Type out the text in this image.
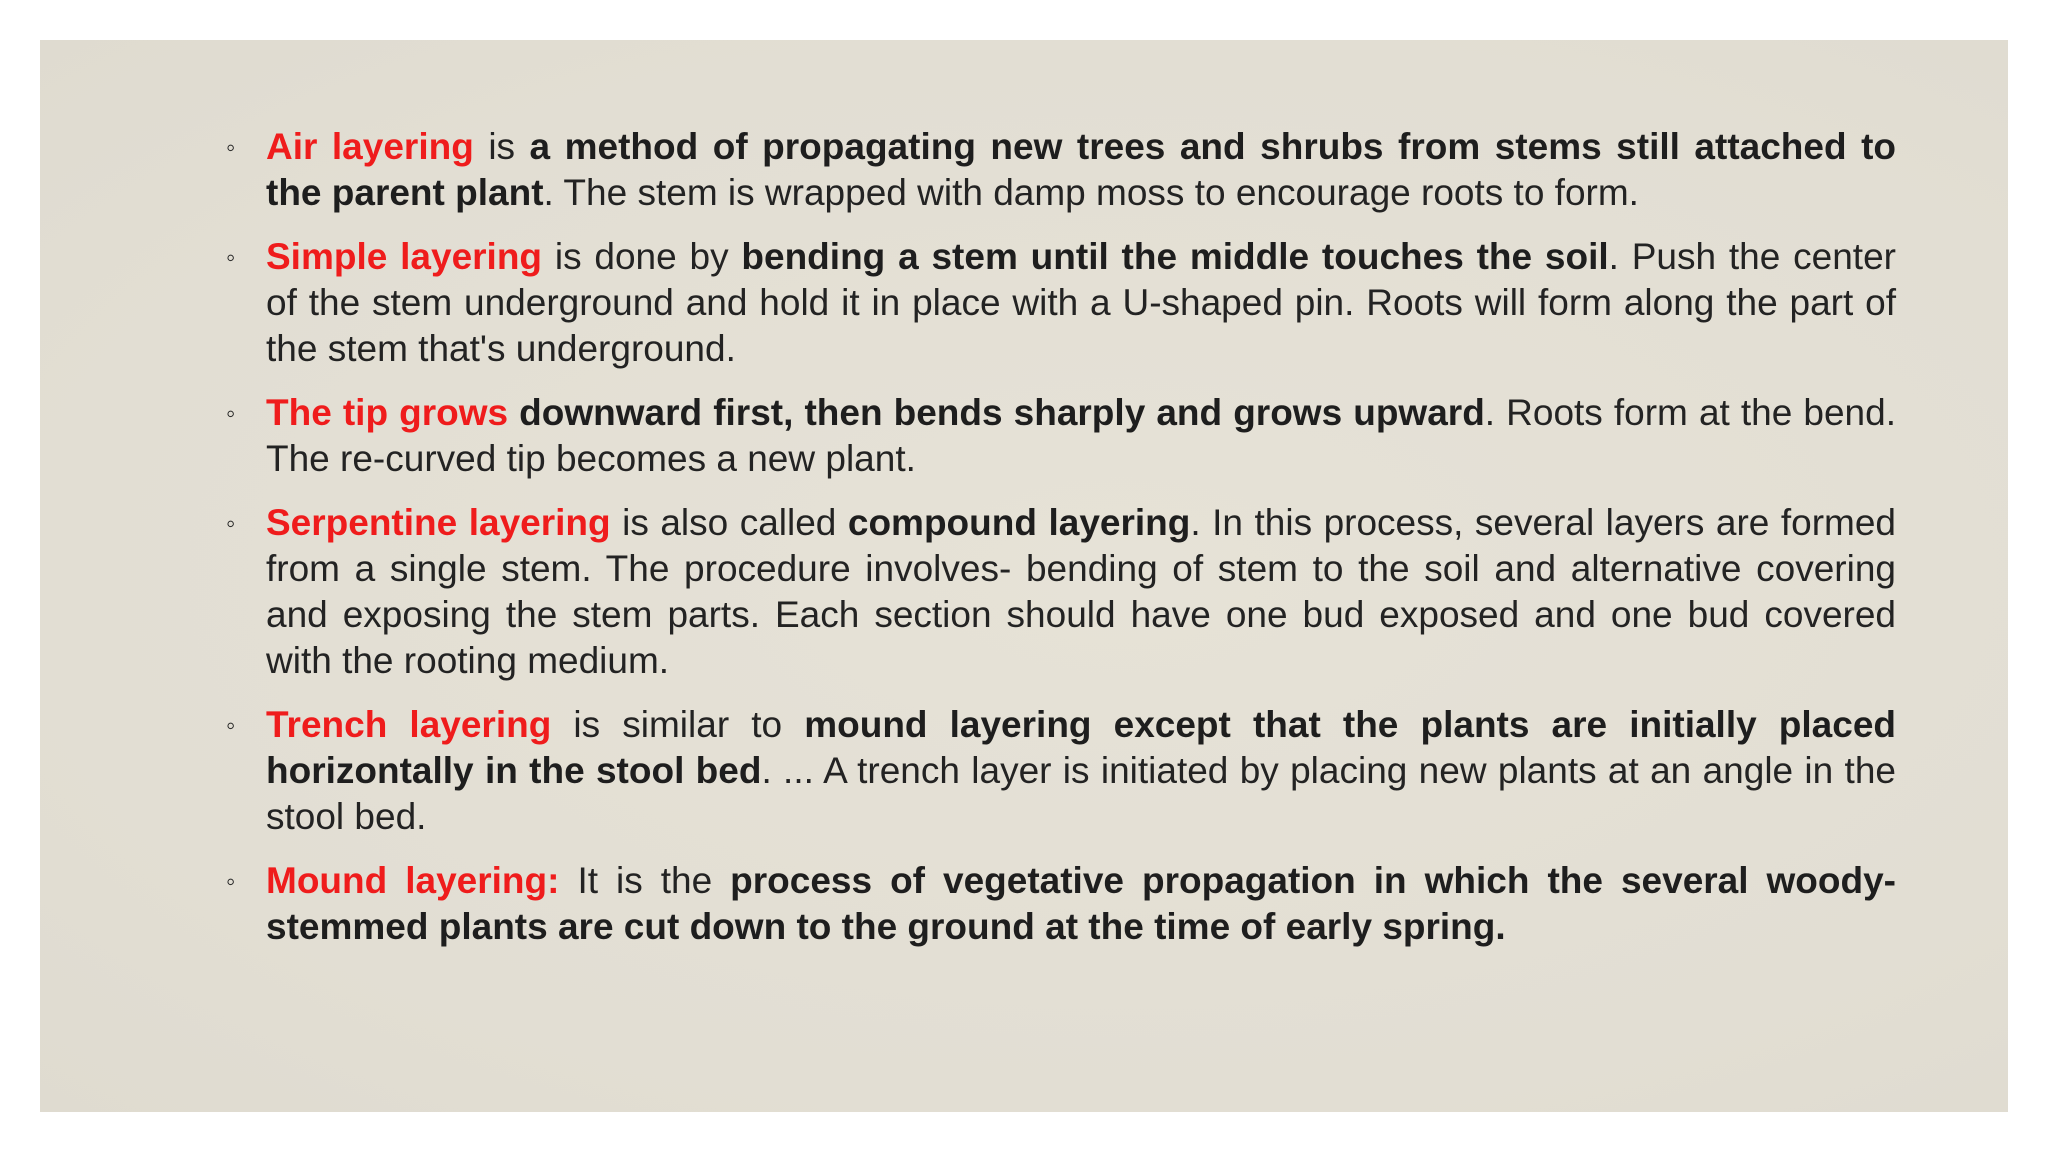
◦ Air layering is a method of propagating new trees and shrubs from stems still attached to the parent plant. The stem is wrapped with damp moss to encourage roots to form.
◦ Simple layering is done by bending a stem until the middle touches the soil. Push the center of the stem underground and hold it in place with a U-shaped pin. Roots will form along the part of the stem that's underground.
◦ The tip grows downward first, then bends sharply and grows upward. Roots form at the bend. The re-curved tip becomes a new plant.
◦ Serpentine layering is also called compound layering. In this process, several layers are formed from a single stem. The procedure involves- bending of stem to the soil and alternative covering and exposing the stem parts. Each section should have one bud exposed and one bud covered with the rooting medium.
◦ Trench layering is similar to mound layering except that the plants are initially placed horizontally in the stool bed. ... A trench layer is initiated by placing new plants at an angle in the stool bed.
◦ Mound layering: It is the process of vegetative propagation in which the several woody-stemmed plants are cut down to the ground at the time of early spring.
